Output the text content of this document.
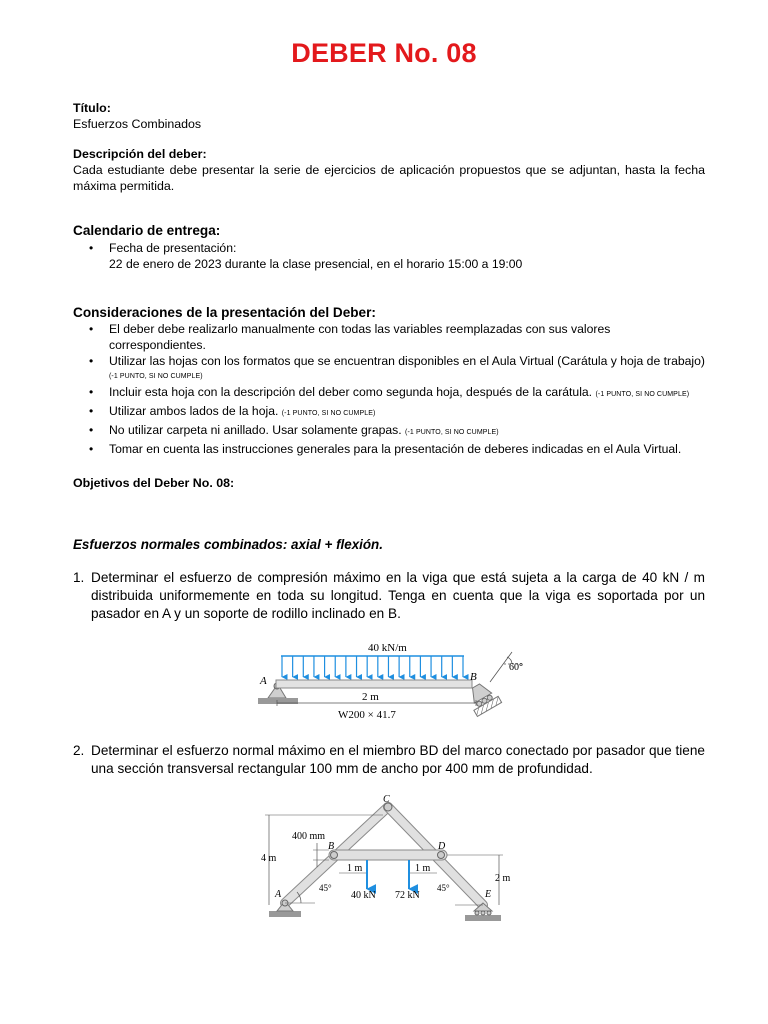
DEBER No. 08
Título:
Esfuerzos Combinados
Descripción del deber:
Cada estudiante debe presentar la serie de ejercicios de aplicación propuestos que se adjuntan, hasta la fecha máxima permitida.
Calendario de entrega:
• Fecha de presentación:
22 de enero de 2023 durante la clase presencial, en el horario 15:00 a 19:00
Consideraciones de la presentación del Deber:
• El deber debe realizarlo manualmente con todas las variables reemplazadas con sus valores correspondientes.
• Utilizar las hojas con los formatos que se encuentran disponibles en el Aula Virtual (Carátula y hoja de trabajo)
$^{(-1 PUNTO, SI NO CUMPLE)}$
• Incluir esta hoja con la descripción del deber como segunda hoja, después de la carátula. (-1 PUNTO, SI NO CUMPLE)
• Utilizar ambos lados de la hoja. (-1 PUNTO, SI NO CUMPLE)
• No utilizar carpeta ni anillado. Usar solamente grapas. (-1 PUNTO, SI NO CUMPLE)
• Tomar en cuenta las instrucciones generales para la presentación de deberes indicadas en el Aula Virtual.
Objetivos del Deber No. 08:
Esfuerzos normales combinados: axial + flexión.
1. Determinar el esfuerzo de compresión máximo en la viga que está sujeta a la carga de 40 kN / m distribuida uniformemente en toda su longitud. Tenga en cuenta que la viga es soportada por un pasador en A y un soporte de rodillo inclinado en B.
40 kN/m
A	B
60°
2 m
W200 × 41.7
2. Determinar el esfuerzo normal máximo en el miembro BD del marco conectado por pasador que tiene una sección transversal rectangular 100 mm de ancho por 400 mm de profundidad.
C
B	D
A	E
4 m
400 mm
2 m
1 m	1 m
40 kN 72 kN
45°	45°
